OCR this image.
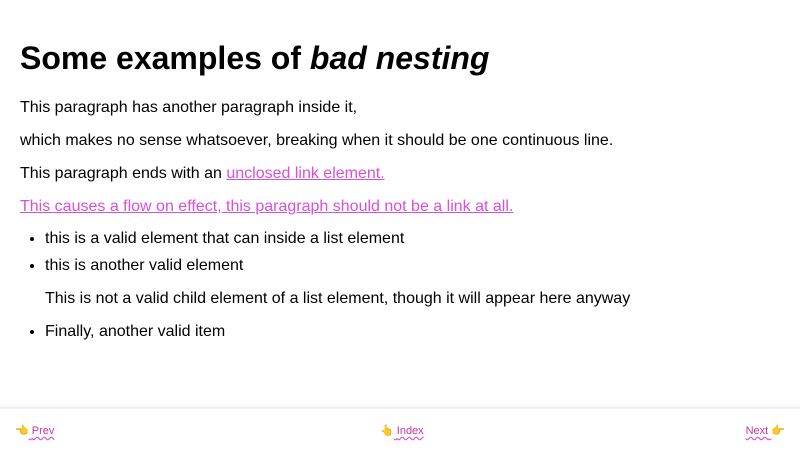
Some examples of bad nesting

This paragraph has another paragraph inside it,

which makes no sense whatsoever, breaking when it should be one continuous line.

This paragraph ends with an unclosed link element.

This causes a flow on effect, this paragraph should not be a link at all.

• this is a valid element that can inside a list element
• this is another valid element

This is not a valid child element of a list element, though it will appear here anyway

• Finally, another valid item
👈 Prev	👆 Index	Next 👉
